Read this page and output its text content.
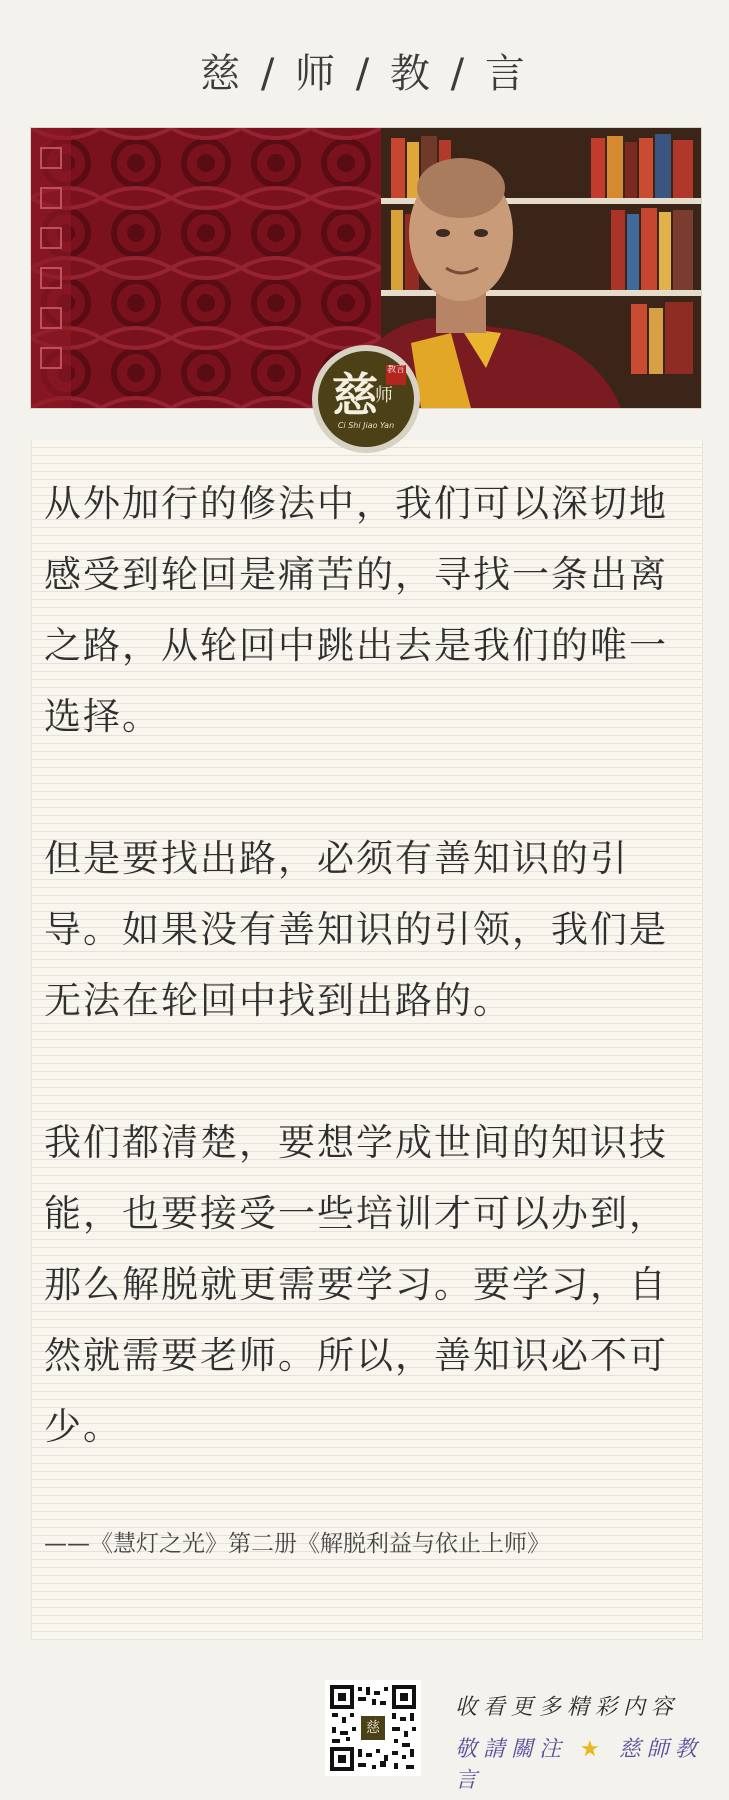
慈 / 师 / 教 / 言
慈
师
教言
Ci Shi Jiao Yan

从外加行的修法中，我们可以深切地感受到轮回是痛苦的，寻找一条出离之路，从轮回中跳出去是我们的唯一选择。

但是要找出路，必须有善知识的引导。如果没有善知识的引领，我们是无法在轮回中找到出路的。

我们都清楚，要想学成世间的知识技能，也要接受一些培训才可以办到，那么解脱就更需要学习。要学习，自然就需要老师。所以，善知识必不可少。

——《慧灯之光》第二册《解脱利益与依止上师》
慈
收看更多精彩内容
敬請關注 ★ 慈師教言
